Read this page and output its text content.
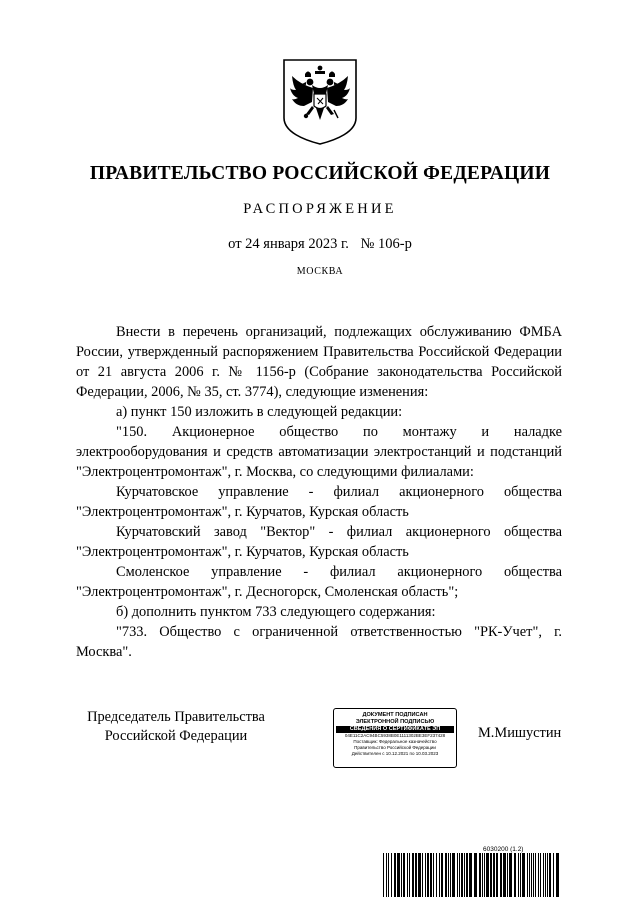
ПРАВИТЕЛЬСТВО РОССИЙСКОЙ ФЕДЕРАЦИИ
РАСПОРЯЖЕНИЕ
от 24 января 2023 г. № 106-р
МОСКВА

Внести в перечень организаций, подлежащих обслуживанию ФМБА России, утвержденный распоряжением Правительства Российской Федерации от 21 августа 2006 г. № 1156-р (Собрание законодательства Российской Федерации, 2006, № 35, ст. 3774), следующие изменения:

а) пункт 150 изложить в следующей редакции:

"150. Акционерное общество по монтажу и наладке электрооборудования и средств автоматизации электростанций и подстанций "Электроцентромонтаж", г. Москва, со следующими филиалами:

Курчатовское управление - филиал акционерного общества "Электроцентромонтаж", г. Курчатов, Курская область

Курчатовский завод "Вектор" - филиал акционерного общества "Электроцентромонтаж", г. Курчатов, Курская область

Смоленское управление - филиал акционерного общества "Электроцентромонтаж", г. Десногорск, Смоленская область";

б) дополнить пунктом 733 следующего содержания:

"733. Общество с ограниченной ответственностью "РК-Учет", г. Москва".

Председатель Правительства
Российской Федерации
ДОКУМЕНТ ПОДПИСАН
ЭЛЕКТРОННОЙ ПОДПИСЬЮ
СВЕДЕНИЯ О СЕРТИФИКАТЕ ЭП
04E11C2AC94BC5938B0E1111302BE3EF237428
Поставщик: Федеральное казначейство
Правительство Российской Федерации
Действителен с 10.12.2021 по 10.03.2023
М.Мишустин
6030200 (1.2)
